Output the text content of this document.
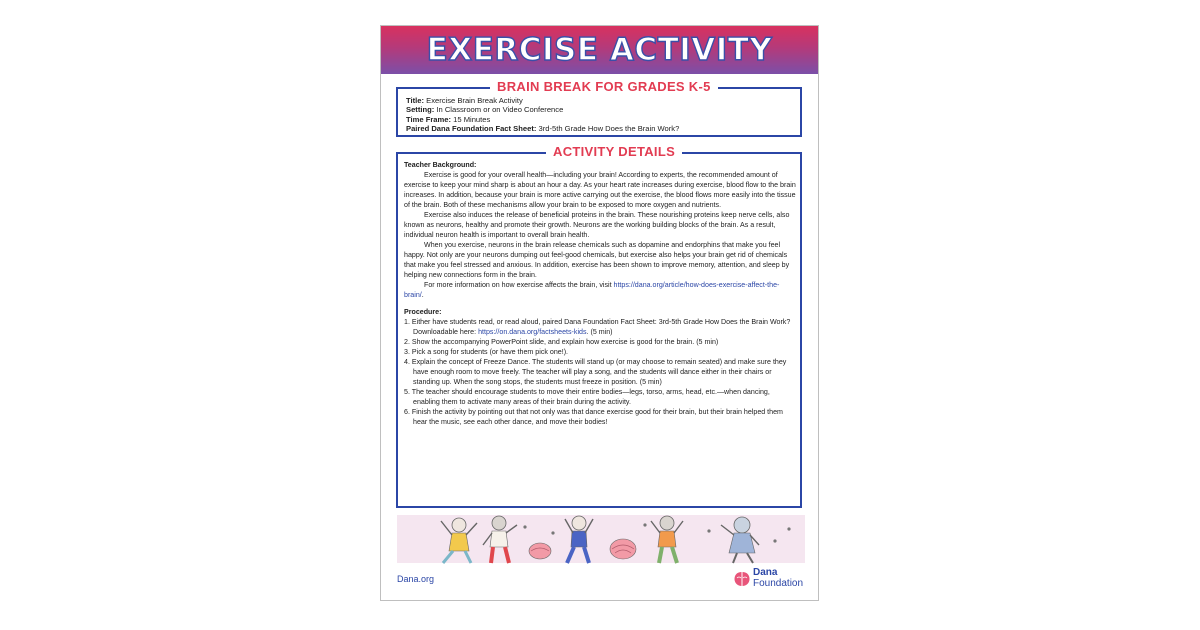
EXERCISE ACTIVITY
BRAIN BREAK FOR GRADES K-5
Title: Exercise Brain Break Activity
Setting: In Classroom or on Video Conference
Time Frame: 15 Minutes
Paired Dana Foundation Fact Sheet: 3rd-5th Grade How Does the Brain Work?
ACTIVITY DETAILS

Teacher Background:

Exercise is good for your overall health—including your brain! According to experts, the recommended amount of exercise to keep your mind sharp is about an hour a day. As your heart rate increases during exercise, blood flow to the brain increases. In addition, because your brain is more active carrying out the exercise, the blood flows more easily into the tissue of the brain. Both of these mechanisms allow your brain to be exposed to more oxygen and nutrients.

Exercise also induces the release of beneficial proteins in the brain. These nourishing proteins keep nerve cells, also known as neurons, healthy and promote their growth. Neurons are the working building blocks of the brain. As a result, individual neuron health is important to overall brain health.

When you exercise, neurons in the brain release chemicals such as dopamine and endorphins that make you feel happy. Not only are your neurons dumping out feel-good chemicals, but exercise also helps your brain get rid of chemicals that make you feel stressed and anxious. In addition, exercise has been shown to improve memory, attention, and sleep by helping new connections form in the brain.

For more information on how exercise affects the brain, visit https://dana.org/article/how-does-exercise-affect-the-brain/.

Procedure:

1. Either have students read, or read aloud, paired Dana Foundation Fact Sheet: 3rd-5th Grade How Does the Brain Work? Downloadable here: https://on.dana.org/factsheets-kids. (5 min)
2. Show the accompanying PowerPoint slide, and explain how exercise is good for the brain. (5 min)
3. Pick a song for students (or have them pick one!).
4. Explain the concept of Freeze Dance. The students will stand up (or may choose to remain seated) and make sure they have enough room to move freely. The teacher will play a song, and the students will dance either in their chairs or standing up. When the song stops, the students must freeze in position. (5 min)
5. The teacher should encourage students to move their entire bodies—legs, torso, arms, head, etc.—when dancing, enabling them to activate many areas of their brain during the activity.
6. Finish the activity by pointing out that not only was that dance exercise good for their brain, but their brain helped them hear the music, see each other dance, and move their bodies!
Dana.org
Dana
Foundation
